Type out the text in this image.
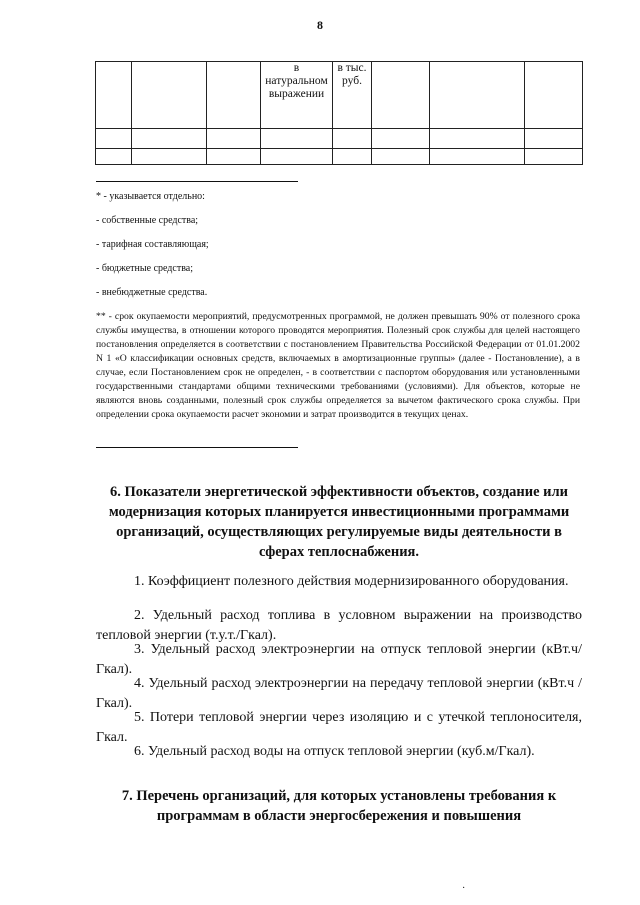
8
			в натуральном выражении	в тыс. руб.			

* - указывается отдельно:
- собственные средства;
- тарифная составляющая;
- бюджетные средства;
- внебюджетные средства.
** - срок окупаемости мероприятий, предусмотренных программой, не должен превышать 90% от полезного срока службы имущества, в отношении которого проводятся мероприятия. Полезный срок службы для целей настоящего постановления определяется в соответствии с постановлением Правительства Российской Федерации от 01.01.2002 N 1 «О классификации основных средств, включаемых в амортизационные группы» (далее - Постановление), а в случае, если Постановлением срок не определен, - в соответствии с паспортом оборудования или установленными государственными стандартами общими техническими требованиями (условиями). Для объектов, которые не являются вновь созданными, полезный срок службы определяется за вычетом фактического срока службы. При определении срока окупаемости расчет экономии и затрат производится в текущих ценах.
6. Показатели энергетической эффективности объектов, создание или модернизация которых планируется инвестиционными программами организаций, осуществляющих регулируемые виды деятельности в сферах теплоснабжения.
1. Коэффициент полезного действия модернизированного оборудования.
2. Удельный расход топлива в условном выражении на производство тепловой энергии (т.у.т./Гкал).
3. Удельный расход электроэнергии на отпуск тепловой энергии (кВт.ч/Гкал).
4. Удельный расход электроэнергии на передачу тепловой энергии (кВт.ч /Гкал).
5. Потери тепловой энергии через изоляцию и с утечкой теплоносителя, Гкал.
6. Удельный расход воды на отпуск тепловой энергии (куб.м/Гкал).
7. Перечень организаций, для которых установлены требования к программам в области энергосбережения и повышения
·
